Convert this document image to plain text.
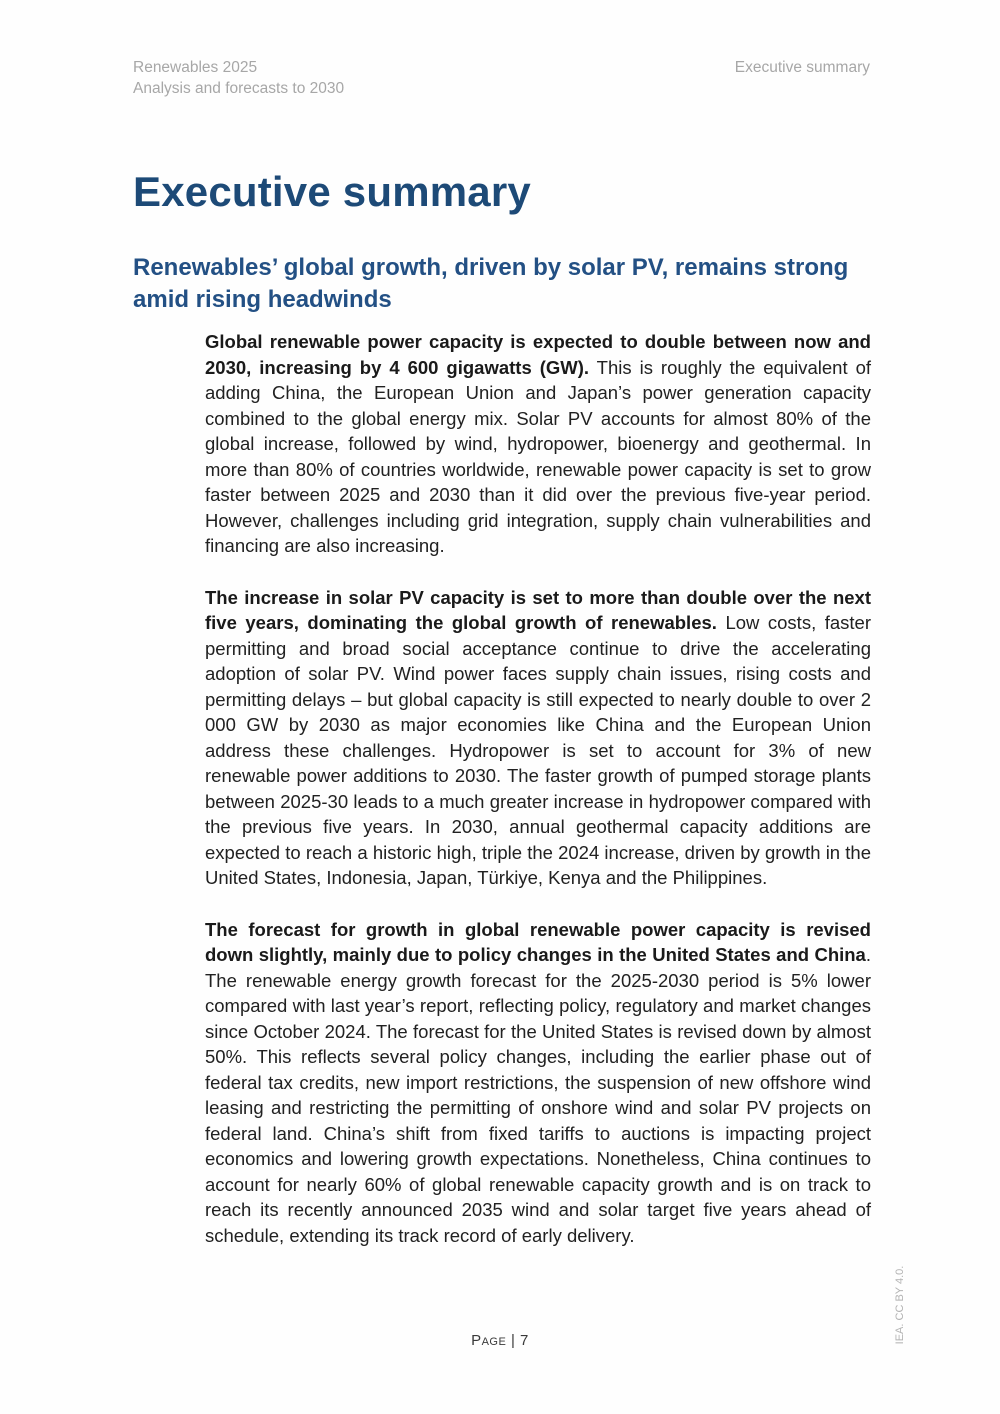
Renewables 2025
Analysis and forecasts to 2030
Executive summary
Executive summary
Renewables’ global growth, driven by solar PV, remains strong amid rising headwinds

Global renewable power capacity is expected to double between now and 2030, increasing by 4 600 gigawatts (GW). This is roughly the equivalent of adding China, the European Union and Japan’s power generation capacity combined to the global energy mix. Solar PV accounts for almost 80% of the global increase, followed by wind, hydropower, bioenergy and geothermal. In more than 80% of countries worldwide, renewable power capacity is set to grow faster between 2025 and 2030 than it did over the previous five-year period. However, challenges including grid integration, supply chain vulnerabilities and financing are also increasing.

The increase in solar PV capacity is set to more than double over the next five years, dominating the global growth of renewables. Low costs, faster permitting and broad social acceptance continue to drive the accelerating adoption of solar PV. Wind power faces supply chain issues, rising costs and permitting delays – but global capacity is still expected to nearly double to over 2 000 GW by 2030 as major economies like China and the European Union address these challenges. Hydropower is set to account for 3% of new renewable power additions to 2030. The faster growth of pumped storage plants between 2025-30 leads to a much greater increase in hydropower compared with the previous five years. In 2030, annual geothermal capacity additions are expected to reach a historic high, triple the 2024 increase, driven by growth in the United States, Indonesia, Japan, Türkiye, Kenya and the Philippines.

The forecast for growth in global renewable power capacity is revised down slightly, mainly due to policy changes in the United States and China. The renewable energy growth forecast for the 2025-2030 period is 5% lower compared with last year’s report, reflecting policy, regulatory and market changes since October 2024. The forecast for the United States is revised down by almost 50%. This reflects several policy changes, including the earlier phase out of federal tax credits, new import restrictions, the suspension of new offshore wind leasing and restricting the permitting of onshore wind and solar PV projects on federal land. China’s shift from fixed tariffs to auctions is impacting project economics and lowering growth expectations. Nonetheless, China continues to account for nearly 60% of global renewable capacity growth and is on track to reach its recently announced 2035 wind and solar target five years ahead of schedule, extending its track record of early delivery.

Page | 7	IEA. CC BY 4.0.
